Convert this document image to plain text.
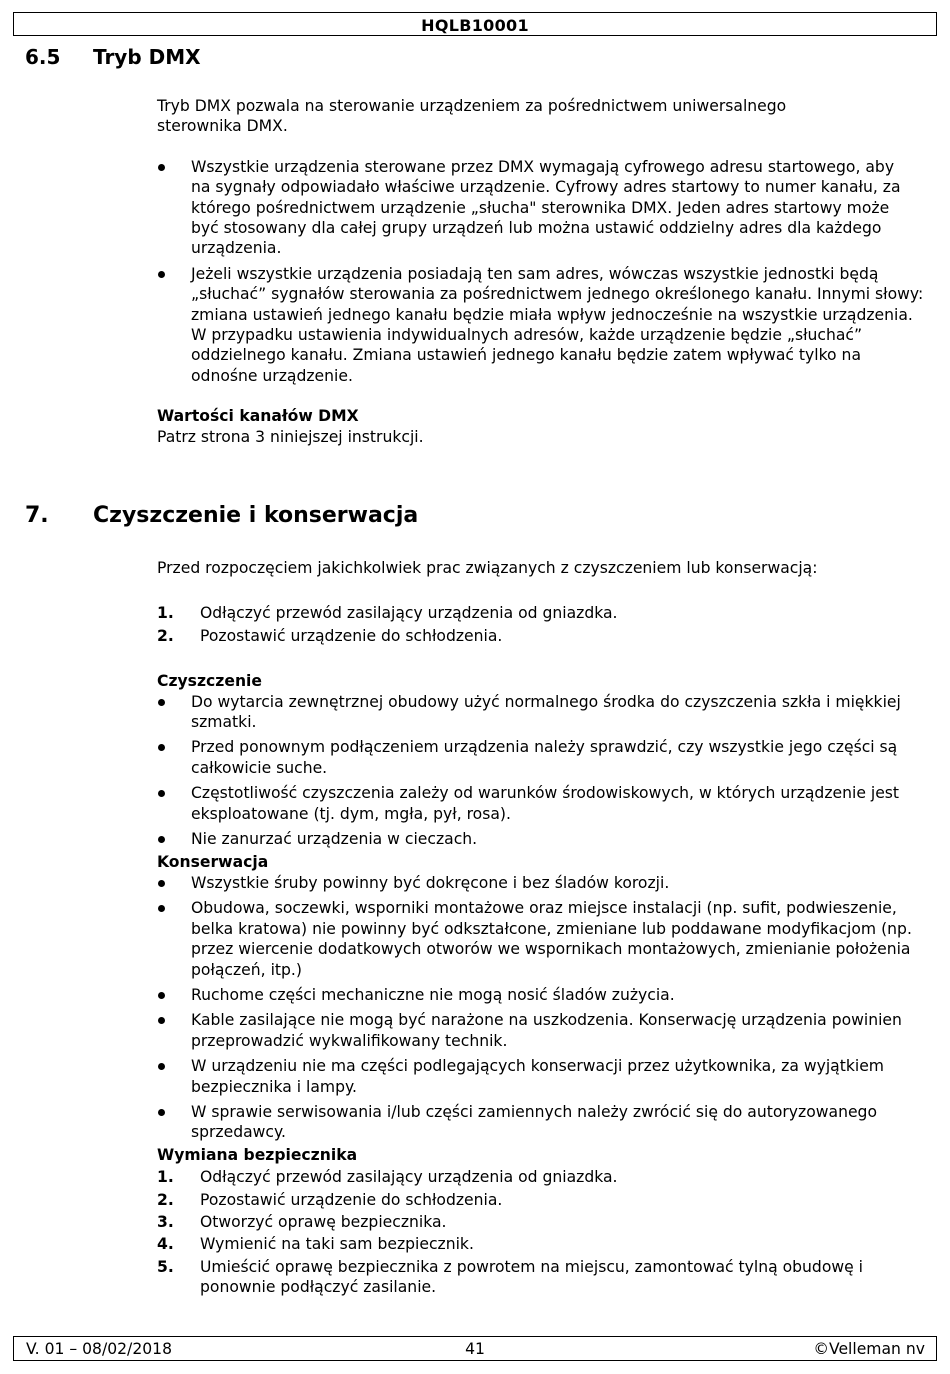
HQLB10001
6.5 Tryb DMX

Tryb DMX pozwala na sterowanie urządzeniem za pośrednictwem uniwersalnego sterownika DMX.

Wszystkie urządzenia sterowane przez DMX wymagają cyfrowego adresu startowego, aby na sygnały odpowiadało właściwe urządzenie. Cyfrowy adres startowy to numer kanału, za którego pośrednictwem urządzenie „słucha" sterownika DMX. Jeden adres startowy może być stosowany dla całej grupy urządzeń lub można ustawić oddzielny adres dla każdego urządzenia.
Jeżeli wszystkie urządzenia posiadają ten sam adres, wówczas wszystkie jednostki będą „słuchać” sygnałów sterowania za pośrednictwem jednego określonego kanału. Innymi słowy: zmiana ustawień jednego kanału będzie miała wpływ jednocześnie na wszystkie urządzenia. W przypadku ustawienia indywidualnych adresów, każde urządzenie będzie „słuchać” oddzielnego kanału. Zmiana ustawień jednego kanału będzie zatem wpływać tylko na odnośne urządzenie.

Wartości kanałów DMX

Patrz strona 3 niniejszej instrukcji.

7. Czyszczenie i konserwacja

Przed rozpoczęciem jakichkolwiek prac związanych z czyszczeniem lub konserwacją:

1. Odłączyć przewód zasilający urządzenia od gniazdka.
2. Pozostawić urządzenie do schłodzenia.

Czyszczenie

Do wytarcia zewnętrznej obudowy użyć normalnego środka do czyszczenia szkła i miękkiej szmatki.
Przed ponownym podłączeniem urządzenia należy sprawdzić, czy wszystkie jego części są całkowicie suche.
Częstotliwość czyszczenia zależy od warunków środowiskowych, w których urządzenie jest eksploatowane (tj. dym, mgła, pył, rosa).
Nie zanurzać urządzenia w cieczach.

Konserwacja

Wszystkie śruby powinny być dokręcone i bez śladów korozji.
Obudowa, soczewki, wsporniki montażowe oraz miejsce instalacji (np. sufit, podwieszenie, belka kratowa) nie powinny być odkształcone, zmieniane lub poddawane modyfikacjom (np. przez wiercenie dodatkowych otworów we wspornikach montażowych, zmienianie położenia połączeń, itp.)
Ruchome części mechaniczne nie mogą nosić śladów zużycia.
Kable zasilające nie mogą być narażone na uszkodzenia. Konserwację urządzenia powinien przeprowadzić wykwalifikowany technik.
W urządzeniu nie ma części podlegających konserwacji przez użytkownika, za wyjątkiem bezpiecznika i lampy.
W sprawie serwisowania i/lub części zamiennych należy zwrócić się do autoryzowanego sprzedawcy.

Wymiana bezpiecznika

1. Odłączyć przewód zasilający urządzenia od gniazdka.
2. Pozostawić urządzenie do schłodzenia.
3. Otworzyć oprawę bezpiecznika.
4. Wymienić na taki sam bezpiecznik.
5. Umieścić oprawę bezpiecznika z powrotem na miejscu, zamontować tylną obudowę i ponownie podłączyć zasilanie.
V. 01 – 08/02/2018	41	©Velleman nv
